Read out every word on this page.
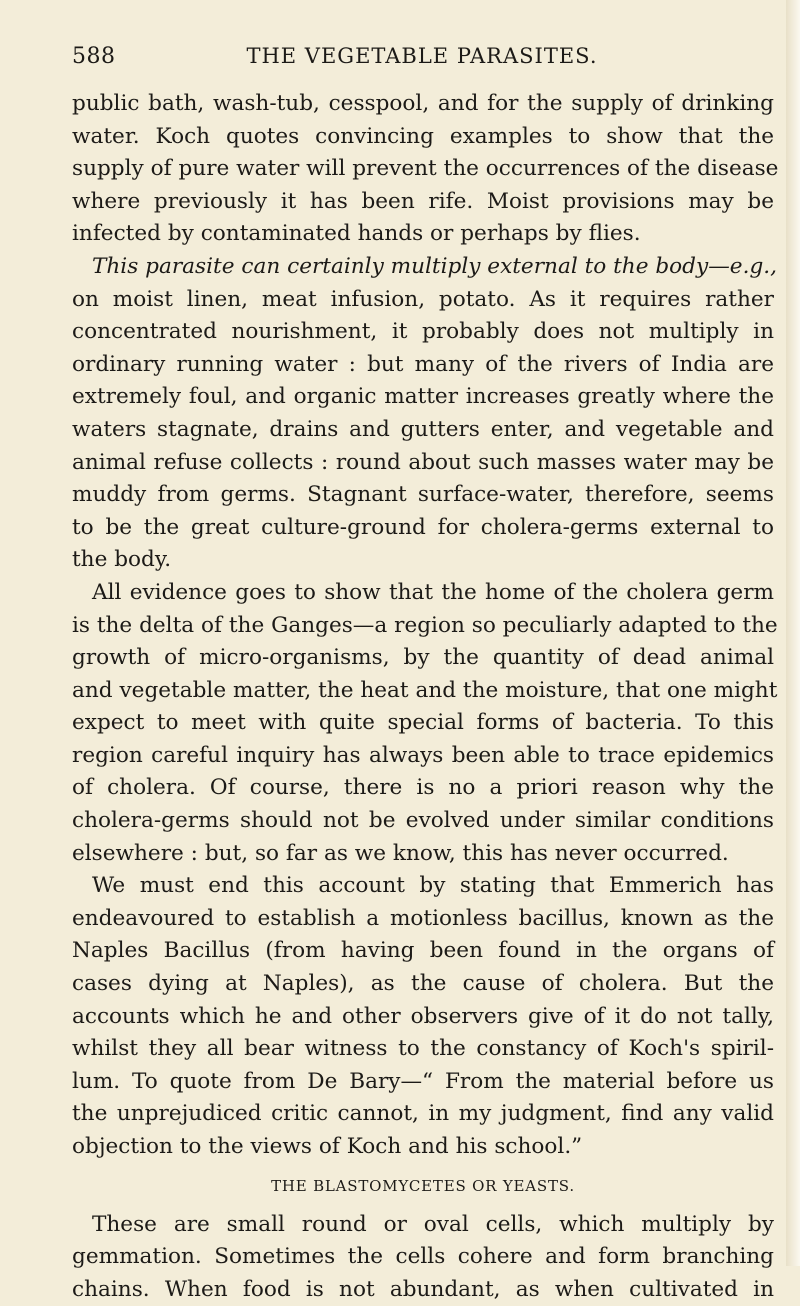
588	THE VEGETABLE PARASITES.
public bath, wash-tub, cesspool, and for the supply of drinking
water. Koch quotes convincing examples to show that the
supply of pure water will prevent the occurrences of the disease
where previously it has been rife. Moist provisions may be
infected by contaminated hands or perhaps by flies.
This parasite can certainly multiply external to the body—e.g.,
on moist linen, meat infusion, potato. As it requires rather
concentrated nourishment, it probably does not multiply in
ordinary running water : but many of the rivers of India are
extremely foul, and organic matter increases greatly where the
waters stagnate, drains and gutters enter, and vegetable and
animal refuse collects : round about such masses water may be
muddy from germs. Stagnant surface-water, therefore, seems
to be the great culture-ground for cholera-germs external to
the body.
All evidence goes to show that the home of the cholera germ
is the delta of the Ganges—a region so peculiarly adapted to the
growth of micro-organisms, by the quantity of dead animal
and vegetable matter, the heat and the moisture, that one might
expect to meet with quite special forms of bacteria. To this
region careful inquiry has always been able to trace epidemics
of cholera. Of course, there is no a priori reason why the
cholera-germs should not be evolved under similar conditions
elsewhere : but, so far as we know, this has never occurred.
We must end this account by stating that Emmerich has
endeavoured to establish a motionless bacillus, known as the
Naples Bacillus (from having been found in the organs of
cases dying at Naples), as the cause of cholera. But the
accounts which he and other observers give of it do not tally,
whilst they all bear witness to the constancy of Koch's spiril-
lum. To quote from De Bary—“ From the material before us
the unprejudiced critic cannot, in my judgment, find any valid
objection to the views of Koch and his school.”
THE BLASTOMYCETES OR YEASTS.
These are small round or oval cells, which multiply by
gemmation. Sometimes the cells cohere and form branching
chains. When food is not abundant, as when cultivated in
